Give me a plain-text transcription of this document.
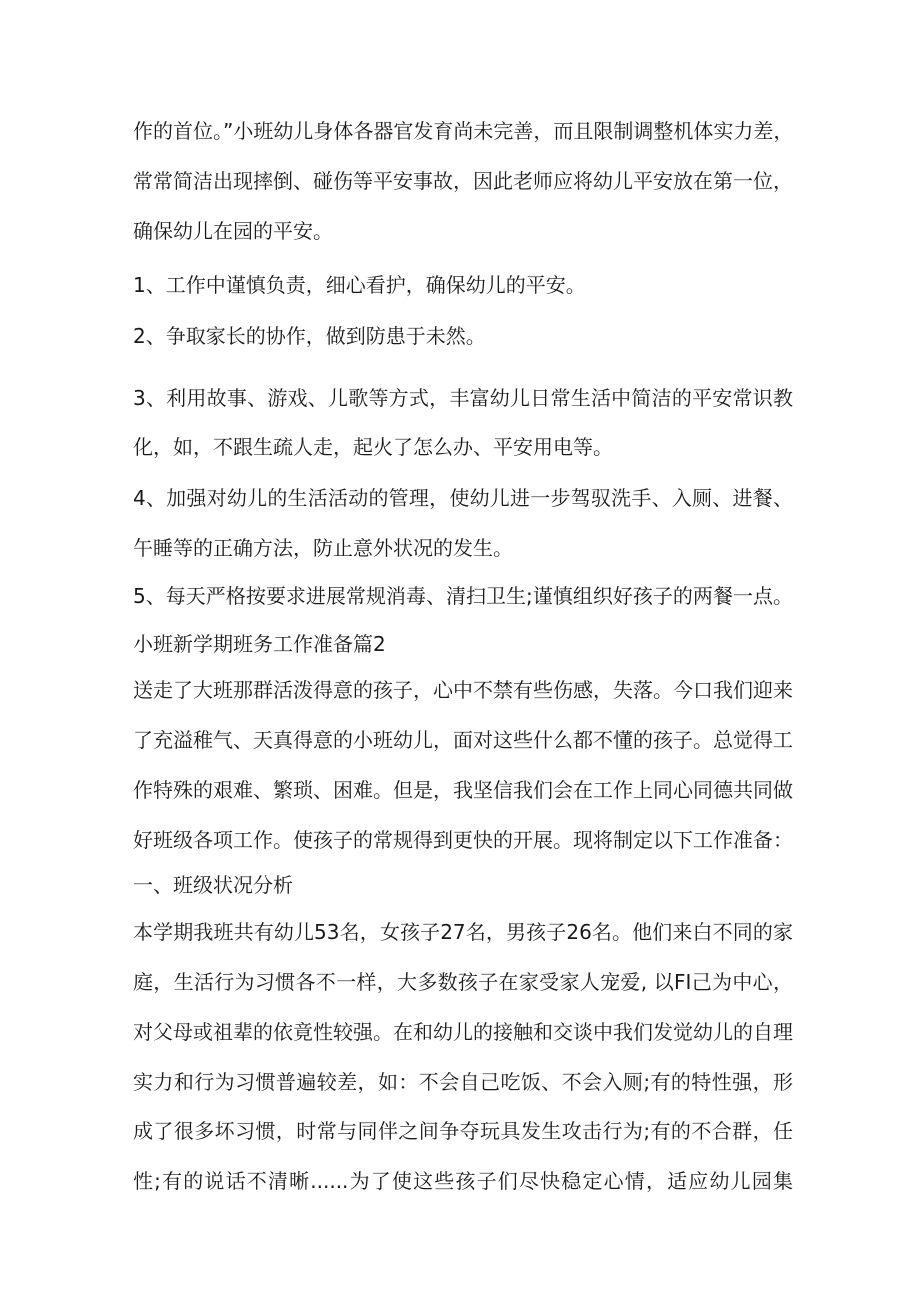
作的首位。”小班幼儿身体各器官发育尚未完善，而且限制调整机体实力差，

常常简洁出现摔倒、碰伤等平安事故，因此老师应将幼儿平安放在第一位，

确保幼儿在园的平安。

1、工作中谨慎负责，细心看护，确保幼儿的平安。

2、争取家长的协作，做到防患于未然。

3、利用故事、游戏、儿歌等方式，丰富幼儿日常生活中简洁的平安常识教

化，如，不跟生疏人走，起火了怎么办、平安用电等。

4、加强对幼儿的生活活动的管理，使幼儿进一步驾驭洗手、入厕、进餐、

午睡等的正确方法，防止意外状况的发生。

5、每天严格按要求进展常规消毒、清扫卫生;谨慎组织好孩子的两餐一点。

小班新学期班务工作准备篇2

送走了大班那群活泼得意的孩子，心中不禁有些伤感，失落。今口我们迎来

了充溢稚气、天真得意的小班幼儿，面对这些什么都不懂的孩子。总觉得工

作特殊的艰难、繁琐、困难。但是，我坚信我们会在工作上同心同德共同做

好班级各项工作。使孩子的常规得到更快的开展。现将制定以下工作准备：

一、班级状况分析

本学期我班共有幼儿53名，女孩子27名，男孩子26名。他们来白不同的家

庭，生活行为习惯各不一样，大多数孩子在家受家人宠爱, 以FI己为中心，

对父母或祖辈的依竟性较强。在和幼儿的接触和交谈中我们发觉幼儿的自理

实力和行为习惯普遍较差，如：不会自己吃饭、不会入厕;有的特性强，形

成了很多坏习惯，时常与同伴之间争夺玩具发生攻击行为;有的不合群，任

性;有的说话不清晰......为了使这些孩子们尽快稳定心情，适应幼儿园集
